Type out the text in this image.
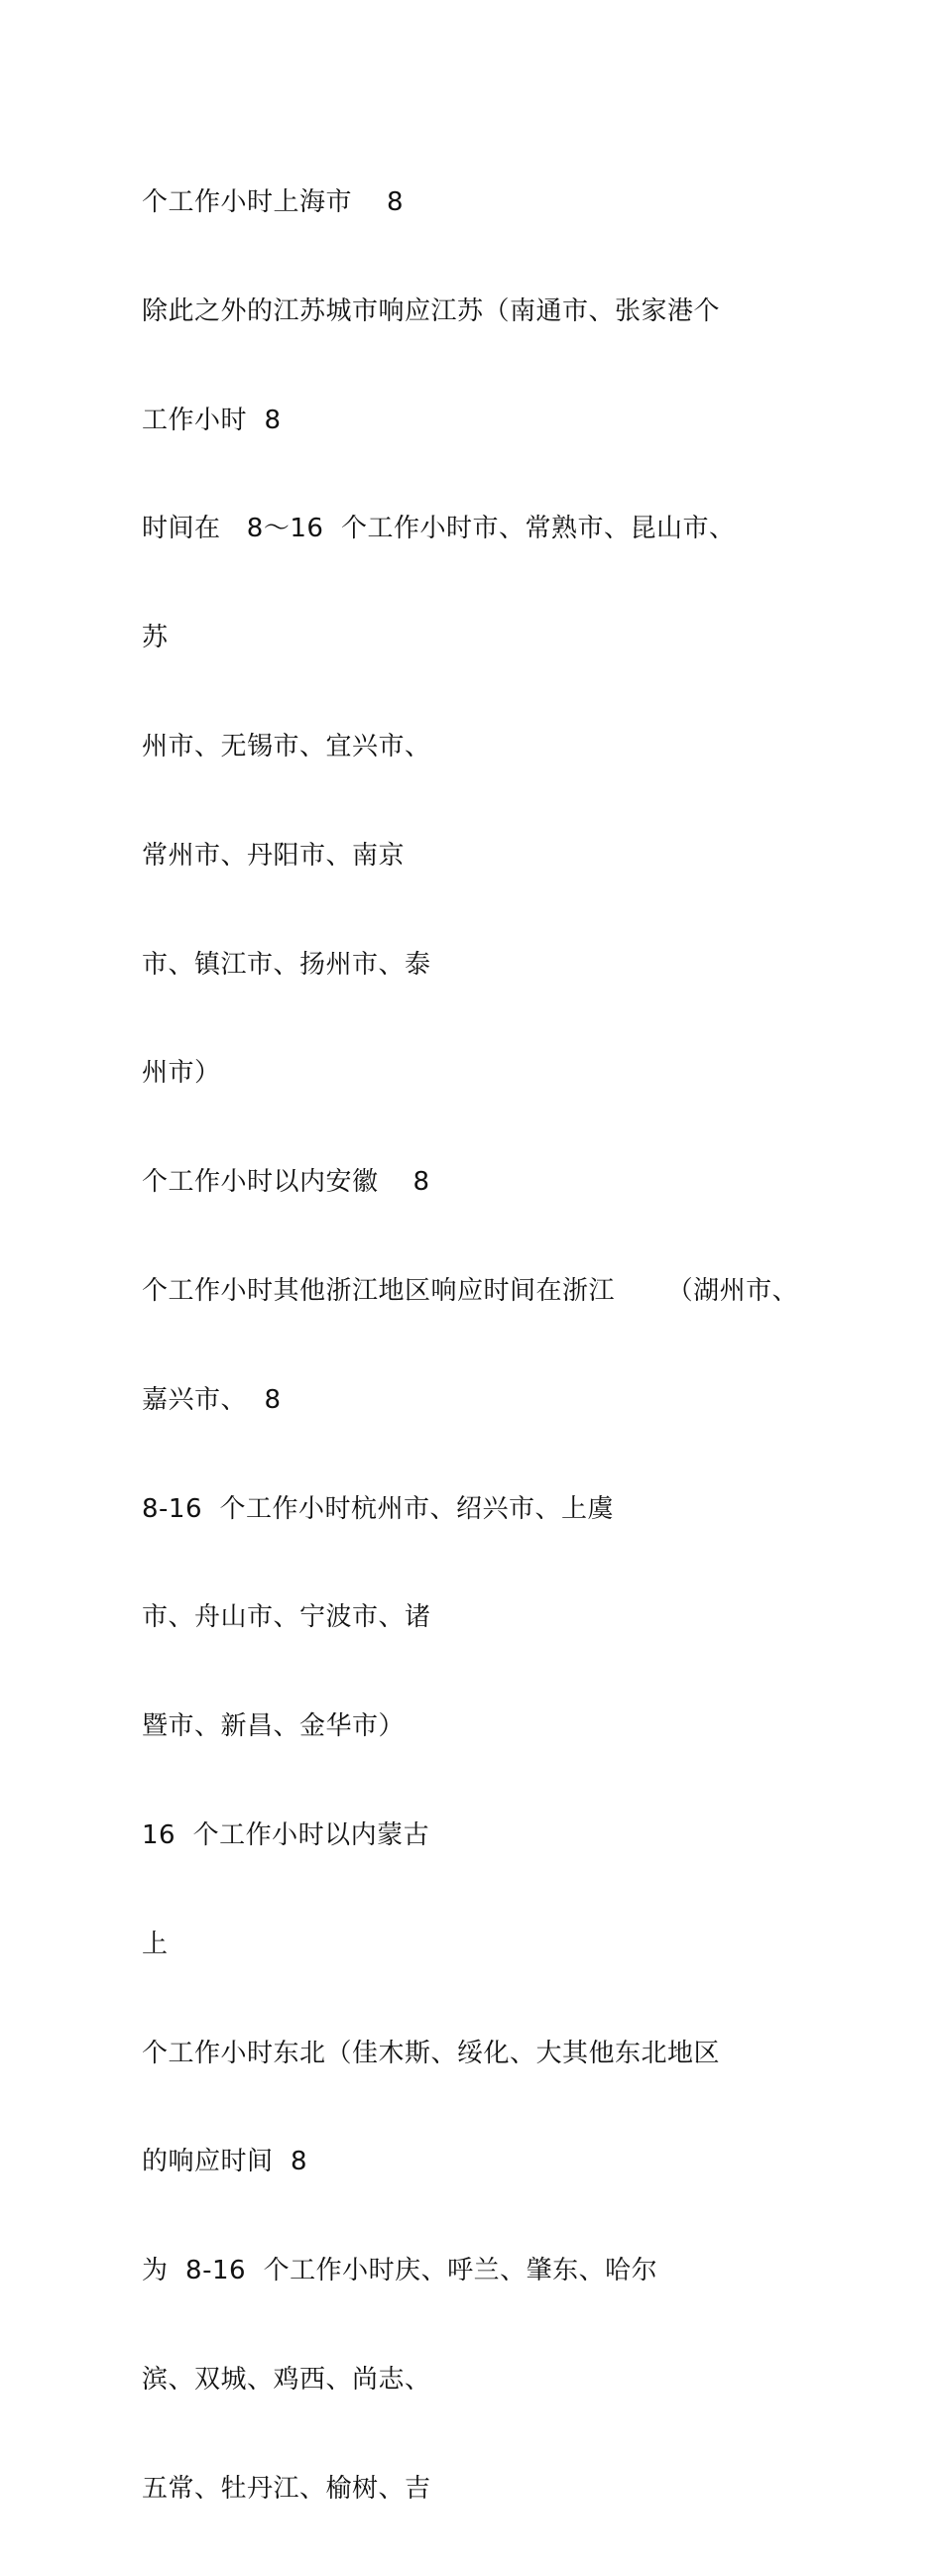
个工作小时上海市    8

除此之外的江苏城市响应江苏（南通市、张家港个

工作小时  8

时间在   8～16  个工作小时市、常熟市、昆山市、

苏

州市、无锡市、宜兴市、

常州市、丹阳市、南京

市、镇江市、扬州市、泰

州市）

个工作小时以内安徽    8

个工作小时其他浙江地区响应时间在浙江      （湖州市、

嘉兴市、  8

8-16  个工作小时杭州市、绍兴市、上虞

市、舟山市、宁波市、诸

暨市、新昌、金华市）

16  个工作小时以内蒙古

上

个工作小时东北（佳木斯、绥化、大其他东北地区

的响应时间  8

为  8-16  个工作小时庆、呼兰、肇东、哈尔

滨、双城、鸡西、尚志、

五常、牡丹江、榆树、吉
